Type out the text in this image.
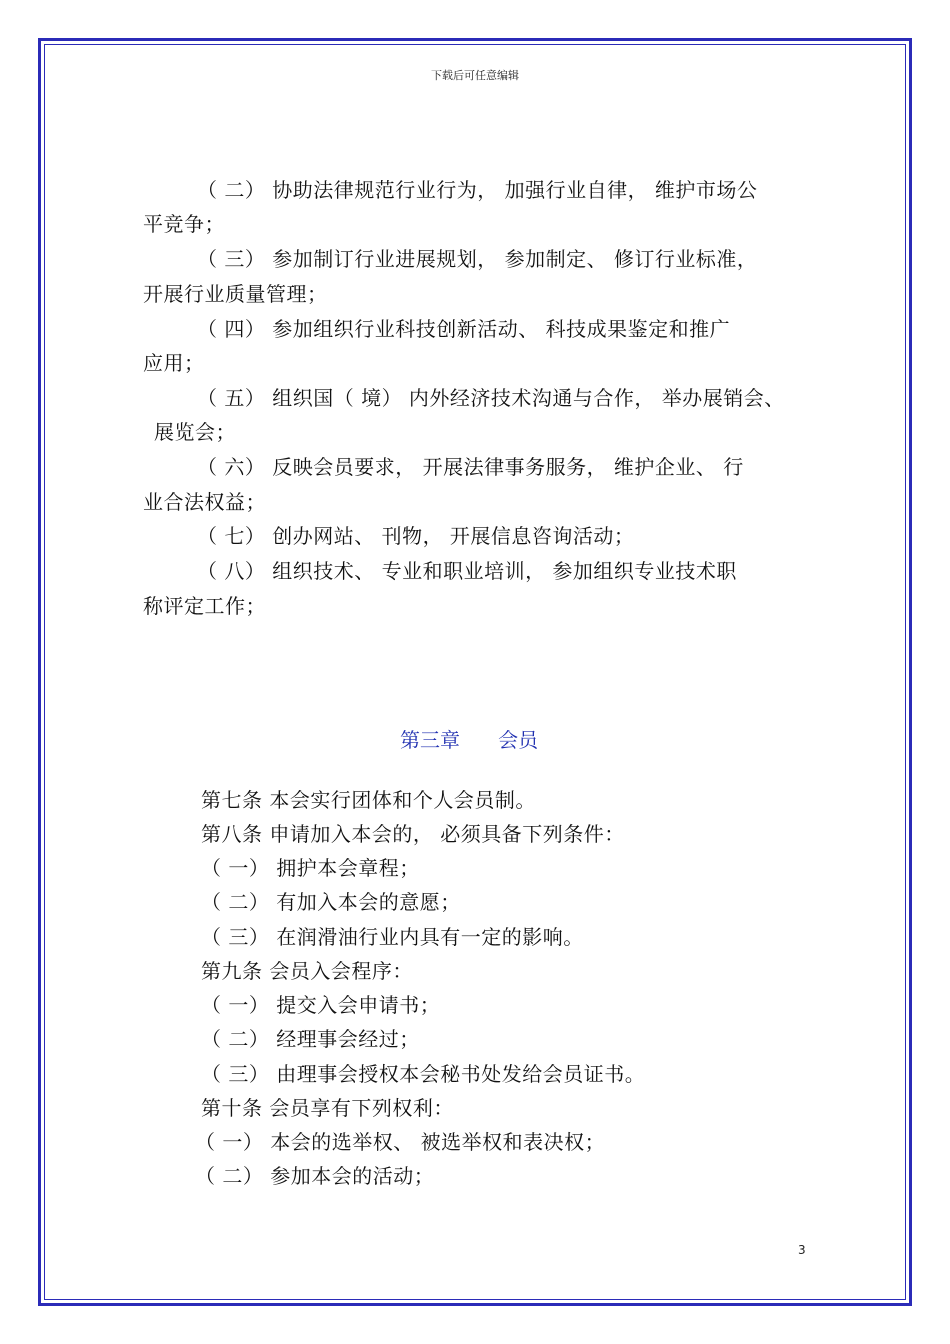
下载后可任意编辑
（ 二） 协助法律规范行业行为， 加强行业自律， 维护市场公
平竞争；
（ 三） 参加制订行业进展规划， 参加制定、 修订行业标准，
开展行业质量管理；
（ 四） 参加组织行业科技创新活动、 科技成果鉴定和推广
应用；
（ 五） 组织国（ 境） 内外经济技术沟通与合作， 举办展销会、
展览会；
（ 六） 反映会员要求， 开展法律事务服务， 维护企业、 行
业合法权益；
（ 七） 创办网站、 刊物， 开展信息咨询活动；
（ 八） 组织技术、 专业和职业培训， 参加组织专业技术职
称评定工作；
第三章      会员
第七条 本会实行团体和个人会员制。
第八条 申请加入本会的， 必须具备下列条件：
（ 一） 拥护本会章程；
（ 二） 有加入本会的意愿；
（ 三） 在润滑油行业内具有一定的影响。
第九条 会员入会程序：
（ 一） 提交入会申请书；
（ 二） 经理事会经过；
（ 三） 由理事会授权本会秘书处发给会员证书。
第十条 会员享有下列权利：
（ 一） 本会的选举权、 被选举权和表决权；
（ 二） 参加本会的活动；
3
